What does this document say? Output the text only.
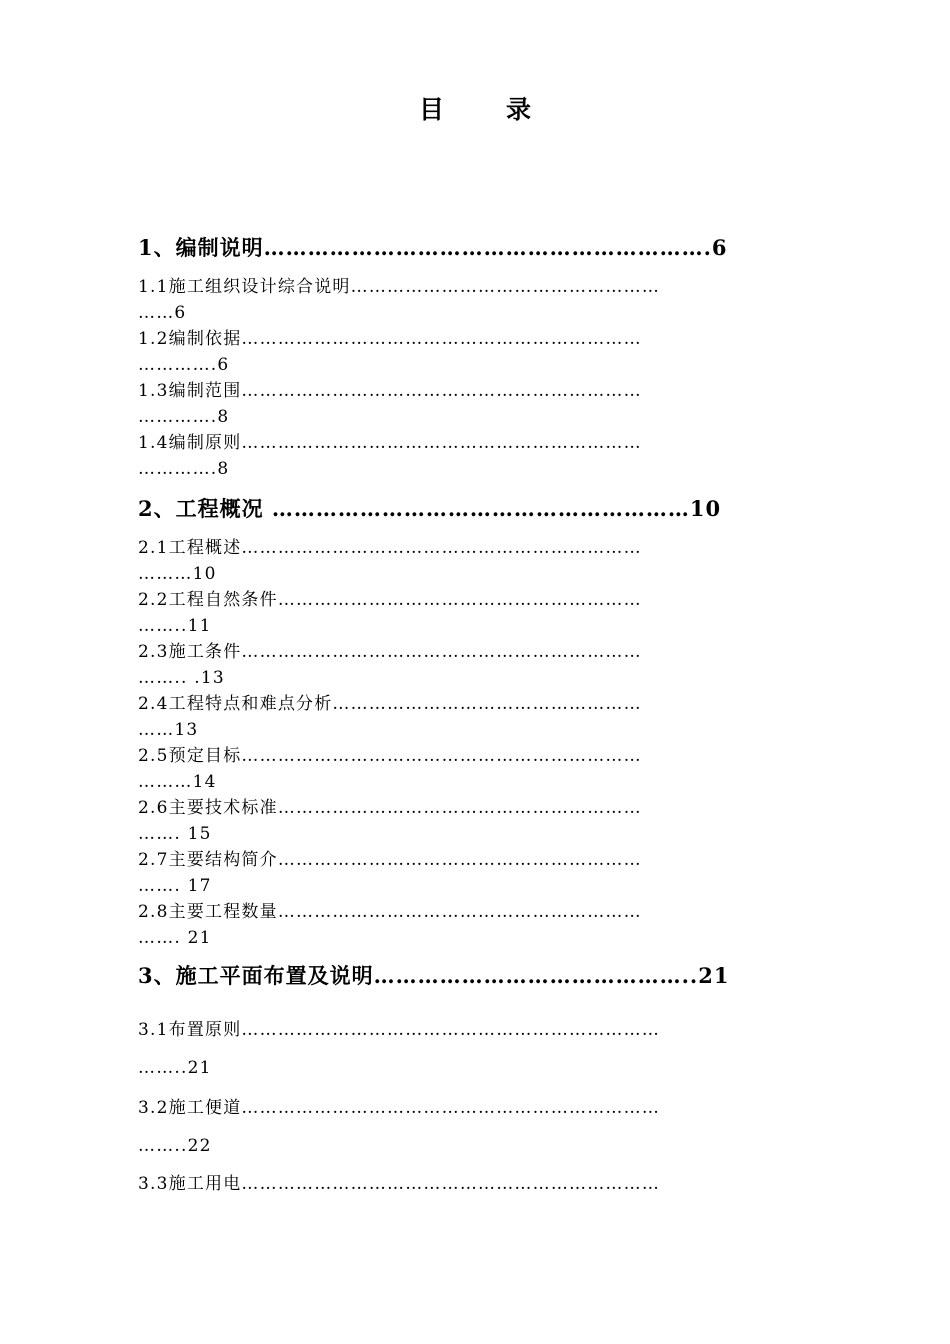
目 录
1、编制说明…………………………………………………….6
1.1施工组织设计综合说明……………………………………………
……6
1.2编制依据…………………………………………………………
………….6
1.3编制范围…………………………………………………………
………….8
1.4编制原则…………………………………………………………
………….8
2、工程概况 …………………………………………………10
2.1工程概述…………………………………………………………
………10
2.2工程自然条件……………………………………………………
……..11
2.3施工条件…………………………………………………………
…….. .13
2.4工程特点和难点分析……………………………………………
……13
2.5预定目标…………………………………………………………
………14
2.6主要技术标准……………………………………………………
……. 15
2.7主要结构简介……………………………………………………
……. 17
2.8主要工程数量……………………………………………………
……. 21
3、施工平面布置及说明……………………………………..21
3.1布置原则……………………………………………………………
……..21
3.2施工便道……………………………………………………………
……..22
3.3施工用电……………………………………………………………
